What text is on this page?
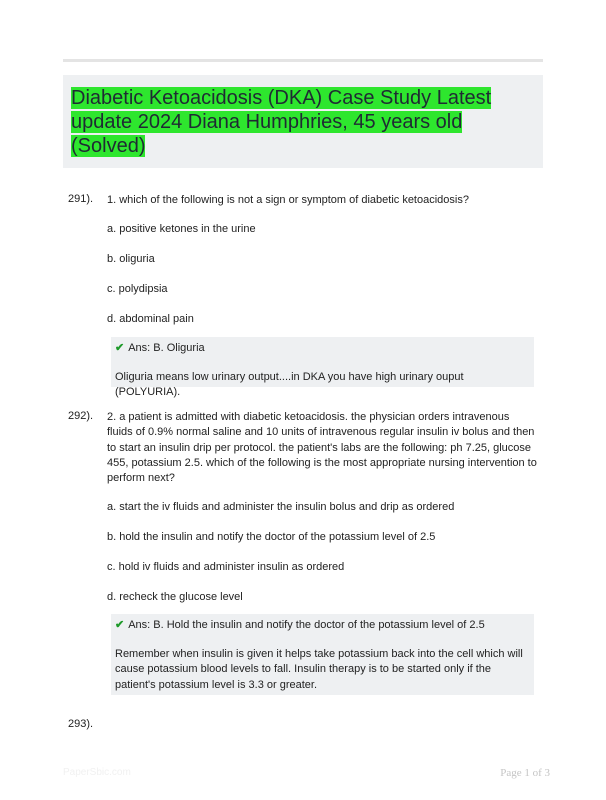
Diabetic Ketoacidosis (DKA) Case Study Latest update 2024 Diana Humphries, 45 years old (Solved)
291). 1. which of the following is not a sign or symptom of diabetic ketoacidosis?
a. positive ketones in the urine
b. oliguria
c. polydipsia
d. abdominal pain
✔ Ans: B. Oliguria
Oliguria means low urinary output....in DKA you have high urinary ouput (POLYURIA).
292). 2. a patient is admitted with diabetic ketoacidosis. the physician orders intravenous fluids of 0.9% normal saline and 10 units of intravenous regular insulin iv bolus and then to start an insulin drip per protocol. the patient's labs are the following: ph 7.25, glucose 455, potassium 2.5. which of the following is the most appropriate nursing intervention to perform next?
a. start the iv fluids and administer the insulin bolus and drip as ordered
b. hold the insulin and notify the doctor of the potassium level of 2.5
c. hold iv fluids and administer insulin as ordered
d. recheck the glucose level
✔ Ans: B. Hold the insulin and notify the doctor of the potassium level of 2.5
Remember when insulin is given it helps take potassium back into the cell which will cause potassium blood levels to fall. Insulin therapy is to be started only if the patient's potassium level is 3.3 or greater.
293).
PaperSbic.com	Page 1 of 3
